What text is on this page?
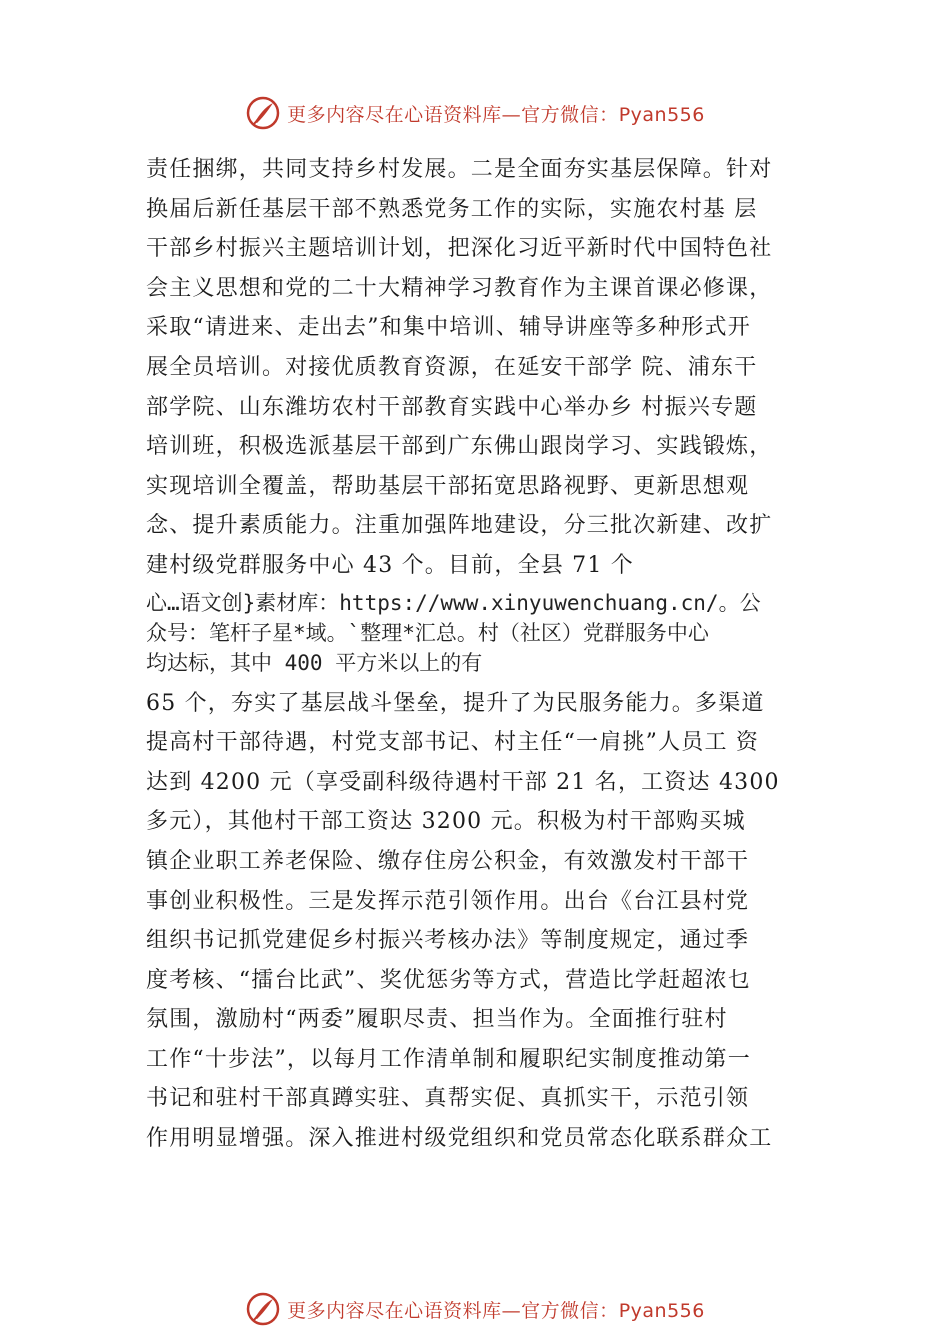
更多内容尽在心语资料库—官方微信：Pyan556

责任捆绑，共同支持乡村发展。二是全面夯实基层保障。针对

换届后新任基层干部不熟悉党务工作的实际，实施农村基 层

干部乡村振兴主题培训计划，把深化习近平新时代中国特色社

会主义思想和党的二十大精神学习教育作为主课首课必修课，

采取“请进来、走出去”和集中培训、辅导讲座等多种形式开

展全员培训。对接优质教育资源，在延安干部学 院、浦东干

部学院、山东潍坊农村干部教育实践中心举办乡 村振兴专题

培训班，积极选派基层干部到广东佛山跟岗学习、实践锻炼，

实现培训全覆盖，帮助基层干部拓宽思路视野、更新思想观

念、提升素质能力。注重加强阵地建设，分三批次新建、改扩

建村级党群服务中心 43 个。目前，全县 71 个

心…语文创}素材库：https://www.xinyuwenchuang.cn/。公

众号：笔杆子星*域。`整理*汇总。村（社区）党群服务中心

均达标，其中 400 平方米以上的有

65 个，夯实了基层战斗堡垒，提升了为民服务能力。多渠道

提高村干部待遇，村党支部书记、村主任“一肩挑”人员工 资

达到 4200 元（享受副科级待遇村干部 21 名，工资达 4300

多元），其他村干部工资达 3200 元。积极为村干部购买城

镇企业职工养老保险、缴存住房公积金，有效激发村干部干

事创业积极性。三是发挥示范引领作用。出台《台江县村党

组织书记抓党建促乡村振兴考核办法》等制度规定，通过季

度考核、“擂台比武”、奖优惩劣等方式，营造比学赶超浓乜

氛围，激励村“两委”履职尽责、担当作为。全面推行驻村

工作“十步法”，以每月工作清单制和履职纪实制度推动第一

书记和驻村干部真蹲实驻、真帮实促、真抓实干，示范引领

作用明显增强。深入推进村级党组织和党员常态化联系群众工

更多内容尽在心语资料库—官方微信：Pyan556
